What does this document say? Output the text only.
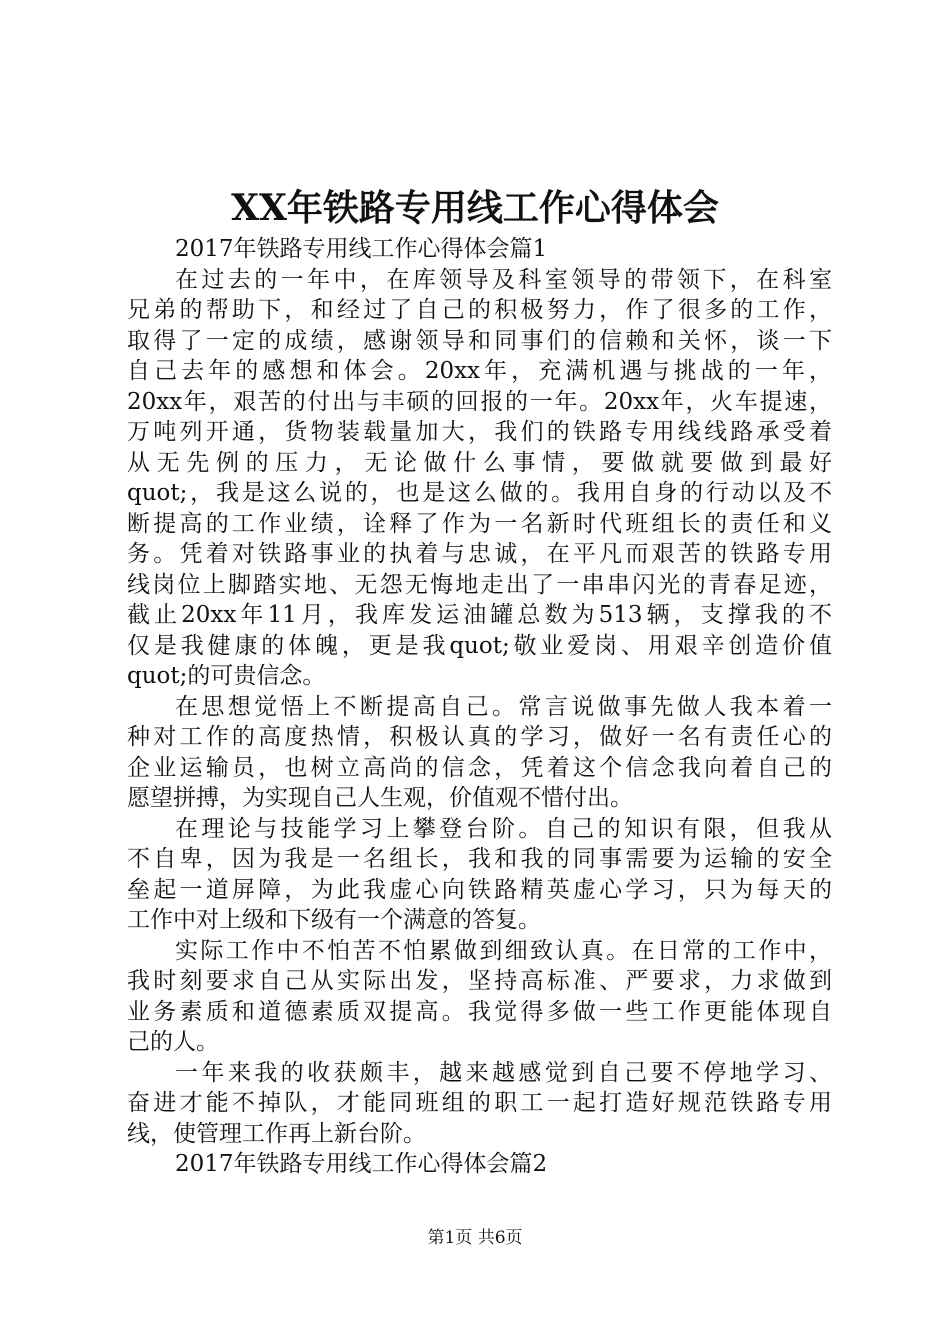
XX年铁路专用线工作心得体会
2017年铁路专用线工作心得体会篇1
在过去的一年中，在库领导及科室领导的带领下，在科室
兄弟的帮助下，和经过了自己的积极努力，作了很多的工作，
取得了一定的成绩，感谢领导和同事们的信赖和关怀，谈一下
自己去年的感想和体会。20xx年，充满机遇与挑战的一年，
20xx年，艰苦的付出与丰硕的回报的一年。20xx年，火车提速，
万吨列开通，货物装载量加大，我们的铁路专用线线路承受着
从无先例的压力，无论做什么事情，要做就要做到最好
quot;，我是这么说的，也是这么做的。我用自身的行动以及不
断提高的工作业绩，诠释了作为一名新时代班组长的责任和义
务。凭着对铁路事业的执着与忠诚，在平凡而艰苦的铁路专用
线岗位上脚踏实地、无怨无悔地走出了一串串闪光的青春足迹，
截止20xx年11月，我库发运油罐总数为513辆，支撑我的不
仅是我健康的体魄，更是我quot;敬业爱岗、用艰辛创造价值
quot;的可贵信念。
在思想觉悟上不断提高自己。常言说做事先做人我本着一
种对工作的高度热情，积极认真的学习，做好一名有责任心的
企业运输员，也树立高尚的信念，凭着这个信念我向着自己的
愿望拼搏，为实现自己人生观，价值观不惜付出。
在理论与技能学习上攀登台阶。自己的知识有限，但我从
不自卑，因为我是一名组长，我和我的同事需要为运输的安全
垒起一道屏障，为此我虚心向铁路精英虚心学习，只为每天的
工作中对上级和下级有一个满意的答复。
实际工作中不怕苦不怕累做到细致认真。在日常的工作中，
我时刻要求自己从实际出发，坚持高标准、严要求，力求做到
业务素质和道德素质双提高。我觉得多做一些工作更能体现自
己的人。
一年来我的收获颇丰，越来越感觉到自己要不停地学习、
奋进才能不掉队，才能同班组的职工一起打造好规范铁路专用
线，使管理工作再上新台阶。
2017年铁路专用线工作心得体会篇2
第1页 共6页
